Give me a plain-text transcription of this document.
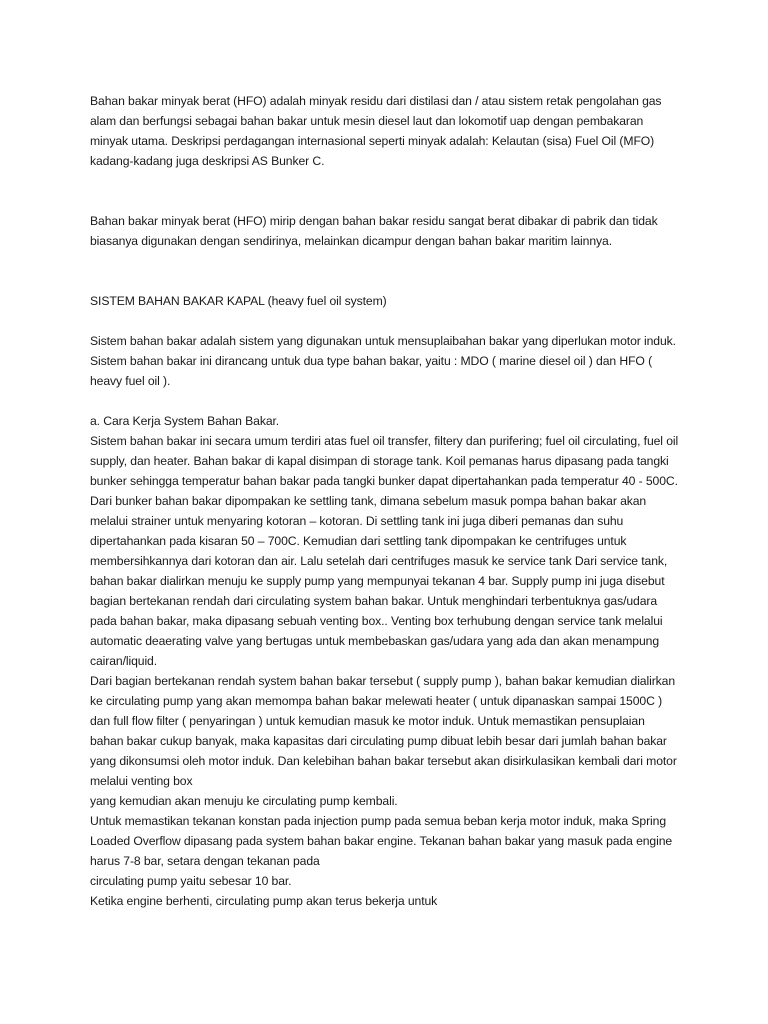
Bahan bakar minyak berat (HFO) adalah minyak residu dari distilasi dan / atau sistem retak pengolahan gas alam dan berfungsi sebagai bahan bakar untuk mesin diesel laut dan lokomotif uap dengan pembakaran minyak utama. Deskripsi perdagangan internasional seperti minyak adalah: Kelautan (sisa) Fuel Oil (MFO) kadang-kadang juga deskripsi AS Bunker C.

Bahan bakar minyak berat (HFO) mirip dengan bahan bakar residu sangat berat dibakar di pabrik dan tidak biasanya digunakan dengan sendirinya, melainkan dicampur dengan bahan bakar maritim lainnya.

SISTEM BAHAN BAKAR KAPAL (heavy fuel oil system)

Sistem bahan bakar adalah sistem yang digunakan untuk mensuplaibahan bakar yang diperlukan motor induk. Sistem bahan bakar ini dirancang untuk dua type bahan bakar, yaitu : MDO ( marine diesel oil ) dan HFO ( heavy fuel oil ).

a. Cara Kerja System Bahan Bakar.
Sistem bahan bakar ini secara umum terdiri atas fuel oil transfer, filtery dan purifering; fuel oil circulating, fuel oil supply, dan heater. Bahan bakar di kapal disimpan di storage tank. Koil pemanas harus dipasang pada tangki bunker sehingga temperatur bahan bakar pada tangki bunker dapat dipertahankan pada temperatur 40 - 500C. Dari bunker bahan bakar dipompakan ke settling tank, dimana sebelum masuk pompa bahan bakar akan melalui strainer untuk menyaring kotoran – kotoran. Di settling tank ini juga diberi pemanas dan suhu dipertahankan pada kisaran 50 – 700C. Kemudian dari settling tank dipompakan ke centrifuges untuk membersihkannya dari kotoran dan air. Lalu setelah dari centrifuges masuk ke service tank Dari service tank, bahan bakar dialirkan menuju ke supply pump yang mempunyai tekanan 4 bar. Supply pump ini juga disebut bagian bertekanan rendah dari circulating system bahan bakar. Untuk menghindari terbentuknya gas/udara pada bahan bakar, maka dipasang sebuah venting box.. Venting box terhubung dengan service tank melalui automatic deaerating valve yang bertugas untuk membebaskan gas/udara yang ada dan akan menampung cairan/liquid.
Dari bagian bertekanan rendah system bahan bakar tersebut ( supply pump ), bahan bakar kemudian dialirkan ke circulating pump yang akan memompa bahan bakar melewati heater ( untuk dipanaskan sampai 1500C ) dan full flow filter ( penyaringan ) untuk kemudian masuk ke motor induk. Untuk memastikan pensuplaian bahan bakar cukup banyak, maka kapasitas dari circulating pump dibuat lebih besar dari jumlah bahan bakar yang dikonsumsi oleh motor induk. Dan kelebihan bahan bakar tersebut akan disirkulasikan kembali dari motor melalui venting box
yang kemudian akan menuju ke circulating pump kembali.
Untuk memastikan tekanan konstan pada injection pump pada semua beban kerja motor induk, maka Spring Loaded Overflow dipasang pada system bahan bakar engine. Tekanan bahan bakar yang masuk pada engine harus 7-8 bar, setara dengan tekanan pada
circulating pump yaitu sebesar 10 bar.
Ketika engine berhenti, circulating pump akan terus bekerja untuk
